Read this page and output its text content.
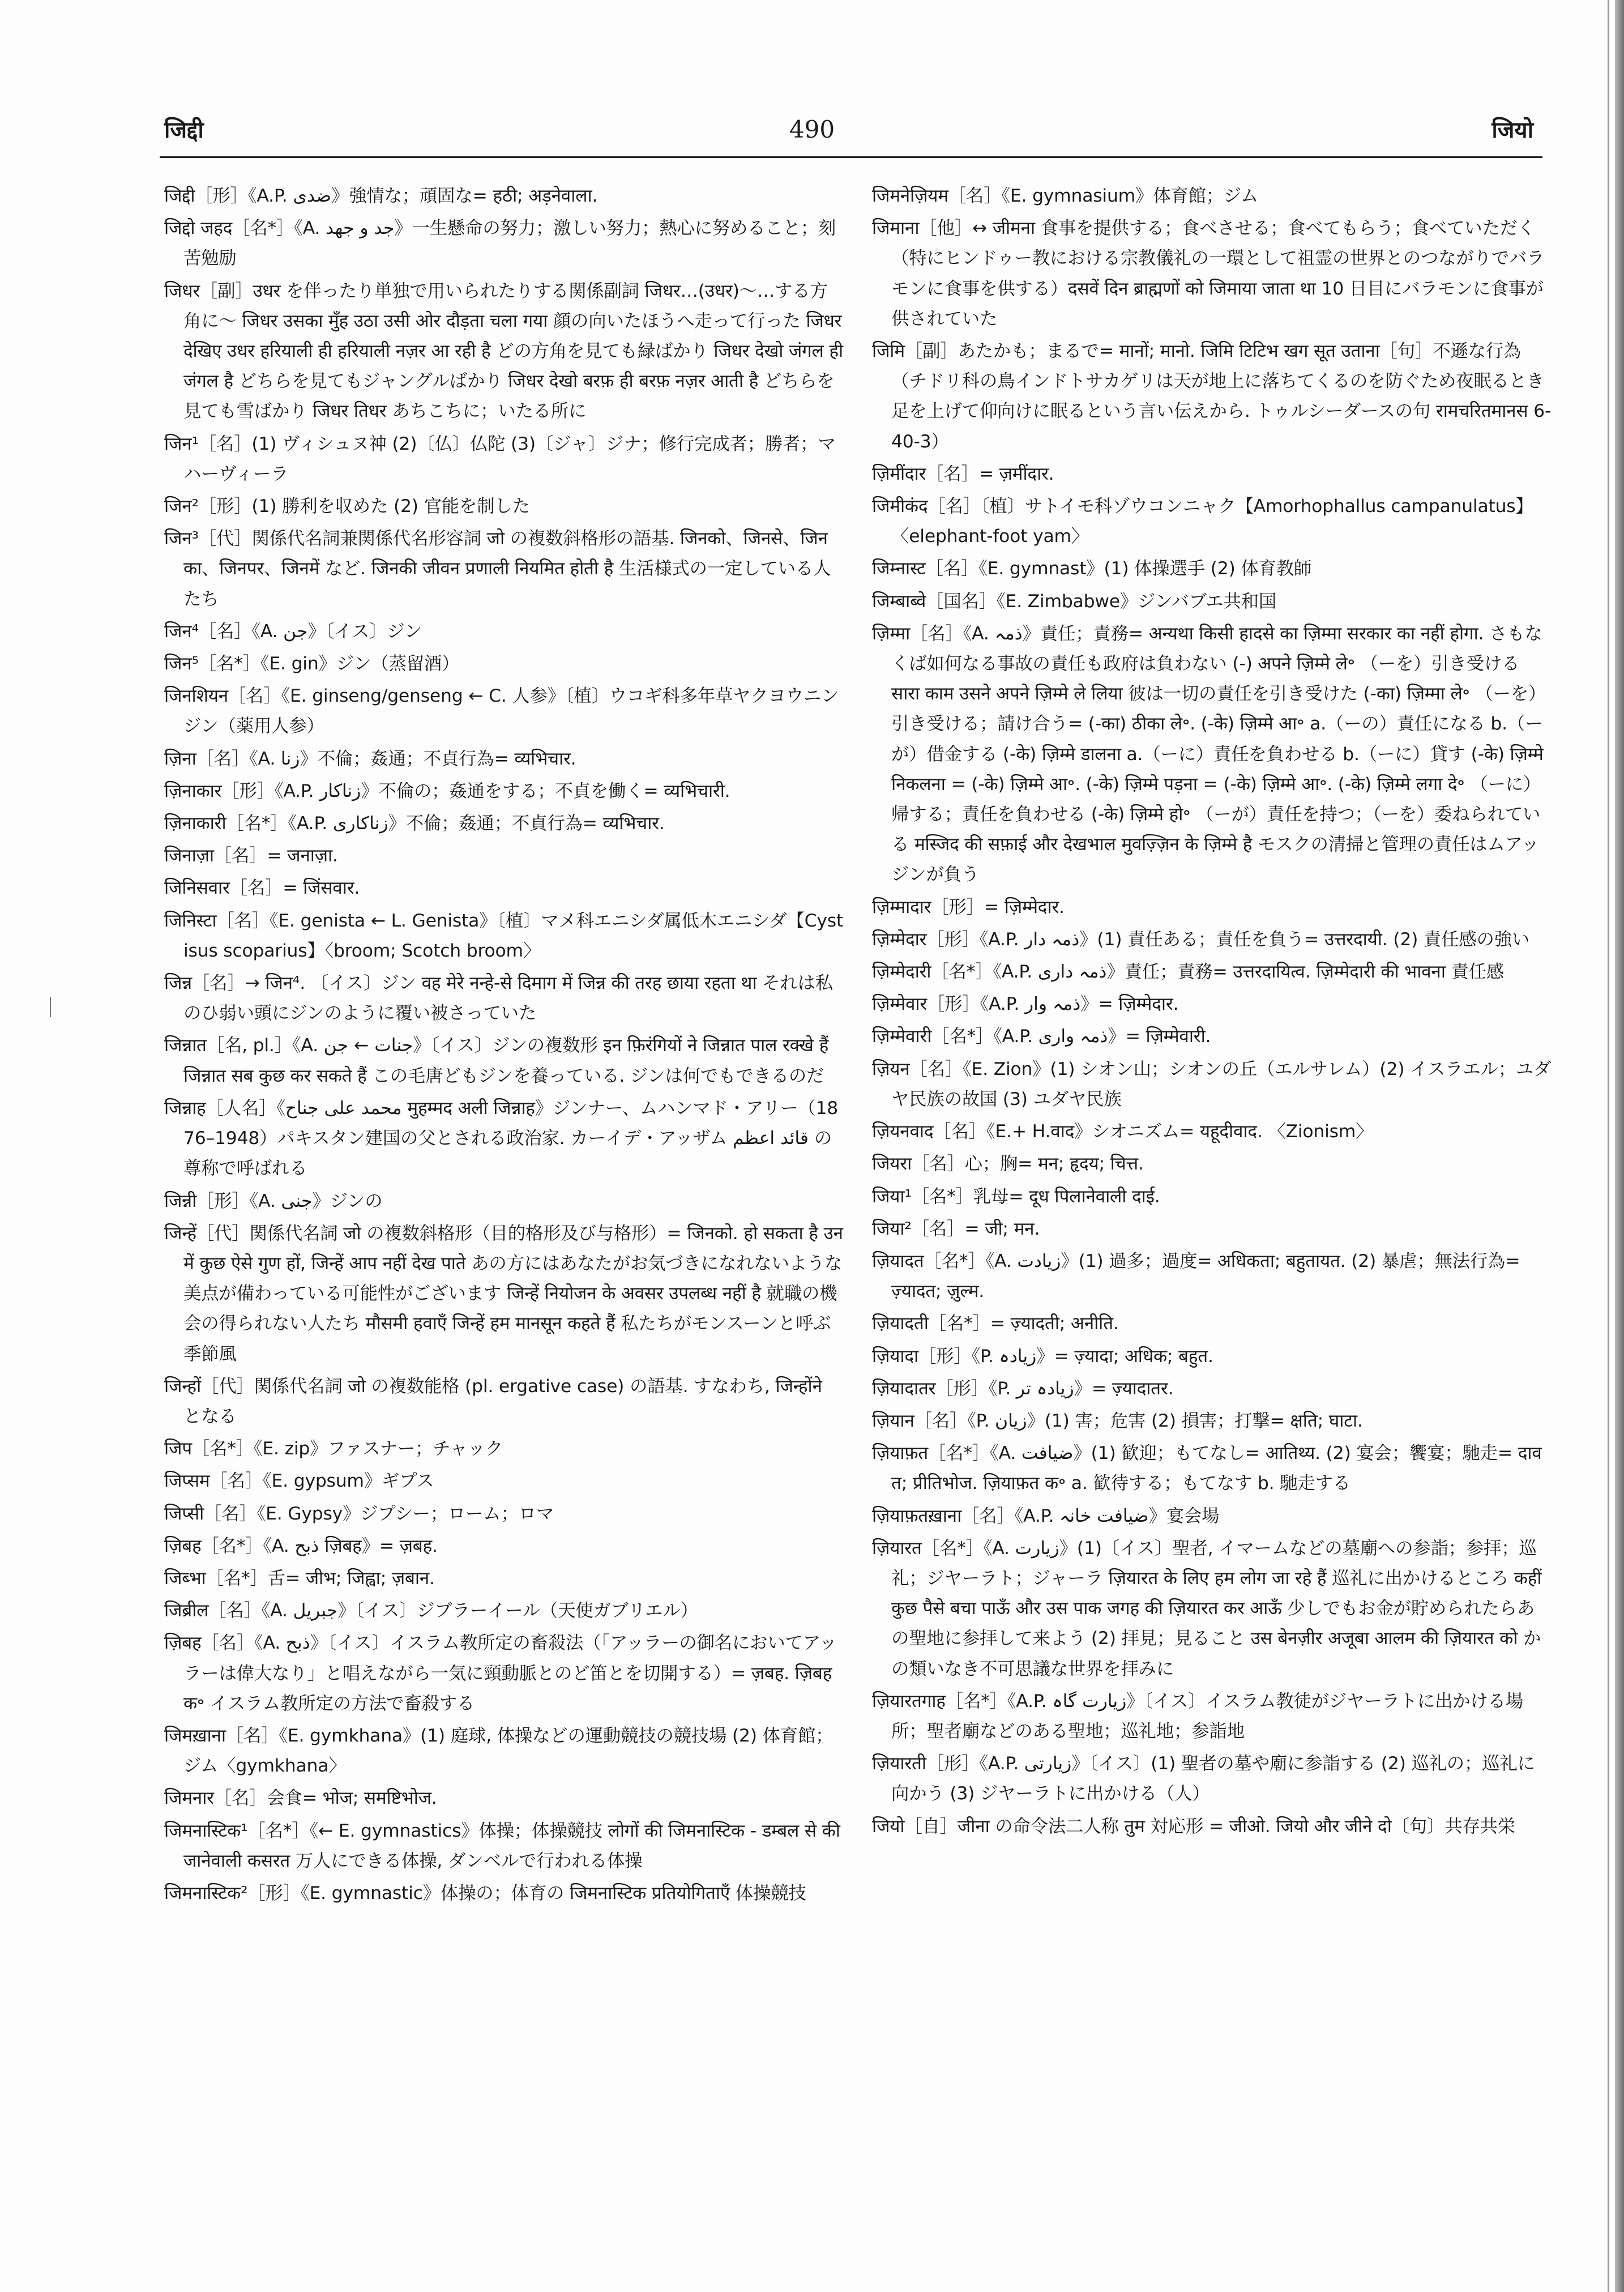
जिद्दी	490	जियो

जिद्दी［形］《A.P. ضدی》強情な；頑固な= हठी; अड़नेवाला.

जिद्दो जहद［名*］《A. جد و جهد》一生懸命の努力；激しい努力；熱心に努めること；刻苦勉励

जिधर［副］उधर を伴ったり単独で用いられたりする関係副詞 जिधर…(उधर)～…する方角に～ जिधर उसका मुँह उठा उसी ओर दौड़ता चला गया 顔の向いたほうへ走って行った जिधर देखिए उधर हरियाली ही हरियाली नज़र आ रही है どの方角を見ても緑ばかり जिधर देखो जंगल ही जंगल है どちらを見てもジャングルばかり जिधर देखो बरफ़ ही बरफ़ नज़र आती है どちらを見ても雪ばかり जिधर तिधर あちこちに；いたる所に

जिन¹［名］(1) ヴィシュヌ神 (2)〔仏〕仏陀 (3)〔ジャ〕ジナ；修行完成者；勝者；マハーヴィーラ

जिन²［形］(1) 勝利を収めた (2) 官能を制した

जिन³［代］関係代名詞兼関係代名形容詞 जो の複数斜格形の語基. जिनको、जिनसे、जिनका、जिनपर、जिनमें など. जिनकी जीवन प्रणाली नियमित होती है 生活様式の一定している人たち

जिन⁴［名］《A. جن》〔イス〕ジン

जिन⁵［名*］《E. gin》ジン（蒸留酒）

जिनशियन［名］《E. ginseng/genseng ← C. 人参》〔植〕ウコギ科多年草ヤクヨウニンジン（薬用人参）

ज़िना［名］《A. زنا》不倫；姦通；不貞行為= व्यभिचार.

ज़िनाकार［形］《A.P. زناکار》不倫の；姦通をする；不貞を働く= व्यभिचारी.

ज़िनाकारी［名*］《A.P. زناکاری》不倫；姦通；不貞行為= व्यभिचार.

जिनाज़ा［名］= जनाज़ा.

जिनिसवार［名］= जिंसवार.

जिनिस्टा［名］《E. genista ← L. Genista》〔植〕マメ科エニシダ属低木エニシダ【Cystisus scoparius】〈broom; Scotch broom〉

जिन्न［名］→ जिन⁴. 〔イス〕ジン वह मेरे नन्हे-से दिमाग में जिन्न की तरह छाया रहता था それは私のひ弱い頭にジンのように覆い被さっていた

जिन्नात［名, pl.］《A. جنات ← جن》〔イス〕ジンの複数形 इन फ़िरंगियों ने जिन्नात पाल रक्खे हैं जिन्नात सब कुछ कर सकते हैं この毛唐どもジンを養っている. ジンは何でもできるのだ

जिन्नाह［人名］《محمد علی جناح मुहम्मद अली जिन्नाह》ジンナー、ムハンマド・アリー（1876–1948）パキスタン建国の父とされる政治家. カーイデ・アッザム قائد اعظم の尊称で呼ばれる

जिन्नी［形］《A. جنی》ジンの

जिन्हें［代］関係代名詞 जो の複数斜格形（目的格形及び与格形）= जिनको. हो सकता है उनमें कुछ ऐसे गुण हों, जिन्हें आप नहीं देख पाते あの方にはあなたがお気づきになれないような美点が備わっている可能性がございます जिन्हें नियोजन के अवसर उपलब्ध नहीं है 就職の機会の得られない人たち मौसमी हवाएँ जिन्हें हम मानसून कहते हैं 私たちがモンスーンと呼ぶ季節風

जिन्हों［代］関係代名詞 जो の複数能格 (pl. ergative case) の語基. すなわち, जिन्होंने となる

जिप［名*］《E. zip》ファスナー；チャック

जिप्सम［名］《E. gypsum》ギプス

जिप्सी［名］《E. Gypsy》ジプシー；ローム；ロマ

ज़िबह［名*］《A. ذبح ज़िबह》= ज़बह.

जिब्भा［名*］舌= जीभ; जिह्वा; ज़बान.

जिब्रील［名］《A. جبریل》〔イス〕ジブラーイール（天使ガブリエル）

ज़िबह［名］《A. ذبح》〔イス〕イスラム教所定の畜殺法（「アッラーの御名においてアッラーは偉大なり」と唱えながら一気に頸動脈とのど笛とを切開する）= ज़बह. ज़िबह क॰ イスラム教所定の方法で畜殺する

जिमख़ाना［名］《E. gymkhana》(1) 庭球, 体操などの運動競技の競技場 (2) 体育館；ジム〈gymkhana〉

जिमनार［名］会食= भोज; समष्टिभोज.

जिमनास्टिक¹［名*］《← E. gymnastics》体操；体操競技 लोगों की जिमनास्टिक - डम्बल से की जानेवाली कसरत 万人にできる体操, ダンベルで行われる体操

जिमनास्टिक²［形］《E. gymnastic》体操の；体育の जिमनास्टिक प्रतियोगिताएँ 体操競技

जिमनेज़ियम［名］《E. gymnasium》体育館；ジム

जिमाना［他］↔ जीमना 食事を提供する；食べさせる；食べてもらう；食べていただく（特にヒンドゥー教における宗教儀礼の一環として祖霊の世界とのつながりでバラモンに食事を供する）दसवें दिन ब्राह्मणों को जिमाया जाता था 10 日目にバラモンに食事が供されていた

जिमि［副］あたかも；まるで= मानों; मानो. जिमि टिटिभ खग सूत उताना［句］不遜な行為（チドリ科の鳥インドトサカゲリは天が地上に落ちてくるのを防ぐため夜眠るとき足を上げて仰向けに眠るという言い伝えから. トゥルシーダースの句 रामचरितमानस 6-40-3）

ज़िमींदार［名］= ज़मींदार.

जिमीकंद［名］〔植〕サトイモ科ゾウコンニャク【Amorhophallus campanulatus】〈elephant-foot yam〉

जिम्नास्ट［名］《E. gymnast》(1) 体操選手 (2) 体育教師

जिम्बाब्वे［国名］《E. Zimbabwe》ジンバブエ共和国

ज़िम्मा［名］《A. ذمہ》責任；責務= अन्यथा किसी हादसे का ज़िम्मा सरकार का नहीं होगा. さもなくば如何なる事故の責任も政府は負わない (-) अपने ज़िम्मे ले॰ （ーを）引き受ける सारा काम उसने अपने ज़िम्मे ले लिया 彼は一切の責任を引き受けた (-का) ज़िम्मा ले॰ （ーを）引き受ける；請け合う= (-का) ठीका ले॰. (-के) ज़िम्मे आ॰ a.（ーの）責任になる b.（ーが）借金する (-के) ज़िम्मे डालना a.（ーに）責任を負わせる b.（ーに）貸す (-के) ज़िम्मे निकलना = (-के) ज़िम्मे आ॰. (-के) ज़िम्मे पड़ना = (-के) ज़िम्मे आ॰. (-के) ज़िम्मे लगा दे॰ （ーに）帰する；責任を負わせる (-के) ज़िम्मे हो॰ （ーが）責任を持つ；（ーを）委ねられている मस्जिद की सफ़ाई और देखभाल मुवज़्ज़िन के ज़िम्मे है モスクの清掃と管理の責任はムアッジンが負う

ज़िम्मादार［形］= ज़िम्मेदार.

ज़िम्मेदार［形］《A.P. ذمہ دار》(1) 責任ある；責任を負う= उत्तरदायी. (2) 責任感の強い

ज़िम्मेदारी［名*］《A.P. ذمہ داری》責任；責務= उत्तरदायित्व. ज़िम्मेदारी की भावना 責任感

ज़िम्मेवार［形］《A.P. ذمہ وار》= ज़िम्मेदार.

ज़िम्मेवारी［名*］《A.P. ذمہ واری》= ज़िम्मेवारी.

ज़ियन［名］《E. Zion》(1) シオン山；シオンの丘（エルサレム）(2) イスラエル；ユダヤ民族の故国 (3) ユダヤ民族

ज़ियनवाद［名］《E.+ H.वाद》シオニズム= यहूदीवाद. 〈Zionism〉

जियरा［名］心；胸= मन; हृदय; चित्त.

जिया¹［名*］乳母= दूध पिलानेवाली दाई.

जिया²［名］= जी; मन.

ज़ियादत［名*］《A. زیادت》(1) 過多；過度= अधिकता; बहुतायत. (2) 暴虐；無法行為= ज़्यादत; ज़ुल्म.

ज़ियादती［名*］= ज़्यादती; अनीति.

ज़ियादा［形］《P. زیادہ》= ज़्यादा; अधिक; बहुत.

ज़ियादातर［形］《P. زیادہ تر》= ज़्यादातर.

ज़ियान［名］《P. زیان》(1) 害；危害 (2) 損害；打撃= क्षति; घाटा.

ज़ियाफ़त［名*］《A. ضیافت》(1) 歓迎；もてなし= आतिथ्य. (2) 宴会；饗宴；馳走= दावत; प्रीतिभोज. ज़ियाफ़त क॰ a. 歓待する；もてなす b. 馳走する

ज़ियाफ़तख़ाना［名］《A.P. ضیافت خانہ》宴会場

ज़ियारत［名*］《A. زیارت》(1)〔イス〕聖者, イマームなどの墓廟への参詣；参拝；巡礼；ジヤーラト；ジャーラ ज़ियारत के लिए हम लोग जा रहे हैं 巡礼に出かけるところ कहीं कुछ पैसे बचा पाऊँ और उस पाक जगह की ज़ियारत कर आऊँ 少しでもお金が貯められたらあの聖地に参拝して来よう (2) 拝見；見ること उस बेनज़ीर अजूबा आलम की ज़ियारत को かの類いなき不可思議な世界を拝みに

ज़ियारतगाह［名*］《A.P. زیارت گاہ》〔イス〕イスラム教徒がジヤーラトに出かける場所；聖者廟などのある聖地；巡礼地；参詣地

ज़ियारती［形］《A.P. زیارتی》〔イス〕(1) 聖者の墓や廟に参詣する (2) 巡礼の；巡礼に向かう (3) ジヤーラトに出かける（人）

जियो［自］जीना の命令法二人称 तुम 対応形 = जीओ. जियो और जीने दो〔句〕共存共栄
